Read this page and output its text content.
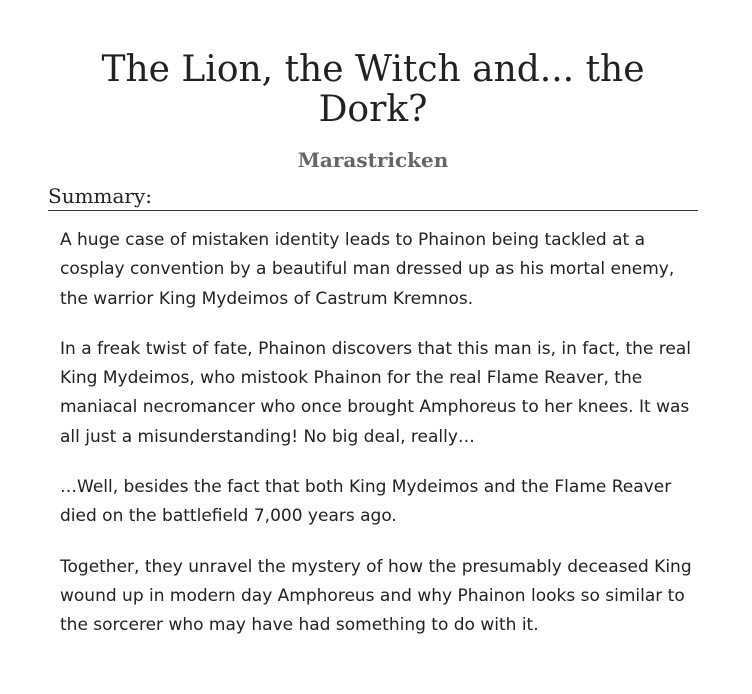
The Lion, the Witch and... the Dork?
Marastricken
Summary:

A huge case of mistaken identity leads to Phainon being tackled at a cosplay convention by a beautiful man dressed up as his mortal enemy, the warrior King Mydeimos of Castrum Kremnos.

In a freak twist of fate, Phainon discovers that this man is, in fact, the real King Mydeimos, who mistook Phainon for the real Flame Reaver, the maniacal necromancer who once brought Amphoreus to her knees. It was all just a misunderstanding! No big deal, really…

…Well, besides the fact that both King Mydeimos and the Flame Reaver died on the battlefield 7,000 years ago.

Together, they unravel the mystery of how the presumably deceased King wound up in modern day Amphoreus and why Phainon looks so similar to the sorcerer who may have had something to do with it.
